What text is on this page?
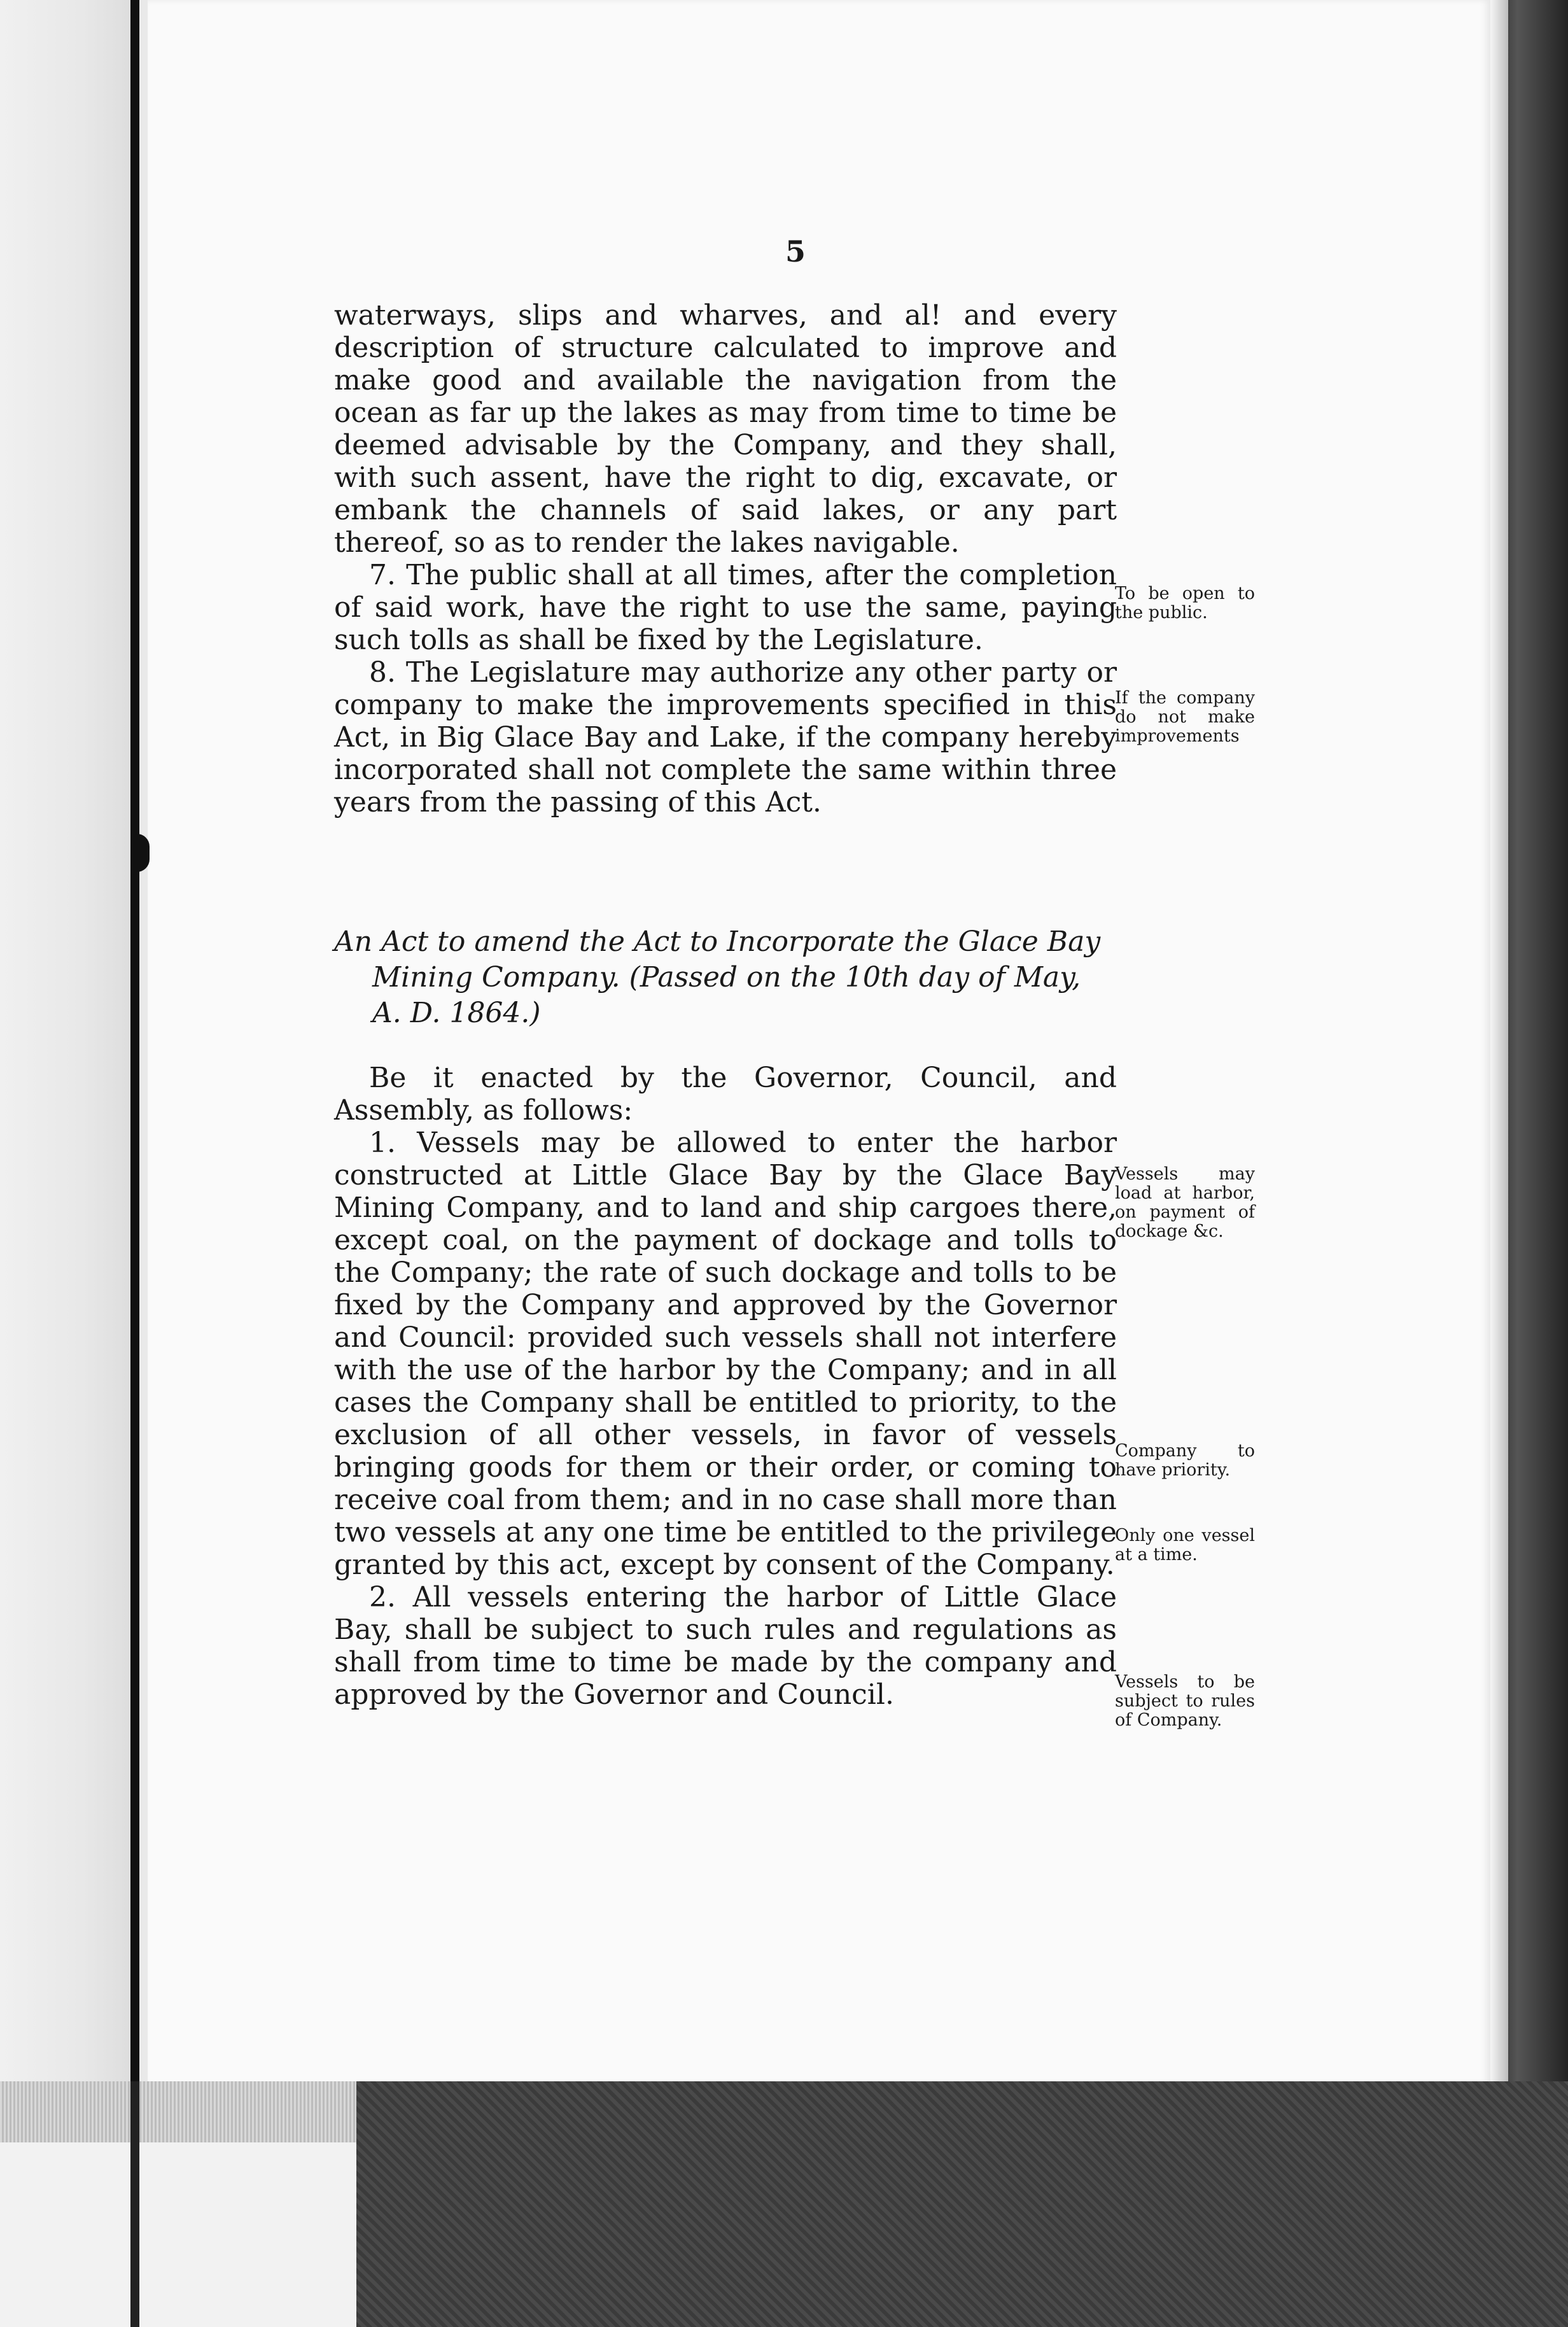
5

waterways, slips and wharves, and al! and every description of structure calculated to improve and make good and available the navigation from the ocean as far up the lakes as may from time to time be deemed advisable by the Company, and they shall, with such assent, have the right to dig, excavate, or embank the channels of said lakes, or any part thereof, so as to render the lakes navigable.

7. The public shall at all times, after the completion of said work, have the right to use the same, paying such tolls as shall be fixed by the Legislature.

8. The Legislature may authorize any other party or company to make the improvements specified in this Act, in Big Glace Bay and Lake, if the company hereby incorporated shall not complete the same within three years from the passing of this Act.

To be open to the public.
If the company do not make improvements
An Act to amend the Act to Incorporate the Glace Bay
Mining Company. (Passed on the 10th day of May,
A. D. 1864.)

Be it enacted by the Governor, Council, and Assembly, as follows:

1. Vessels may be allowed to enter the harbor constructed at Little Glace Bay by the Glace Bay Mining Company, and to land and ship cargoes there, except coal, on the payment of dockage and tolls to the Company; the rate of such dockage and tolls to be fixed by the Company and approved by the Governor and Council: provided such vessels shall not interfere with the use of the harbor by the Company; and in all cases the Company shall be entitled to priority, to the exclusion of all other vessels, in favor of vessels bringing goods for them or their order, or coming to receive coal from them; and in no case shall more than two vessels at any one time be entitled to the privilege granted by this act, except by consent of the Company.

2. All vessels entering the harbor of Little Glace Bay, shall be subject to such rules and regulations as shall from time to time be made by the company and approved by the Governor and Council.

Vessels may load at harbor, on payment of dockage &c.
Company to have priority.
Only one vessel at a time.
Vessels to be subject to rules of Company.
